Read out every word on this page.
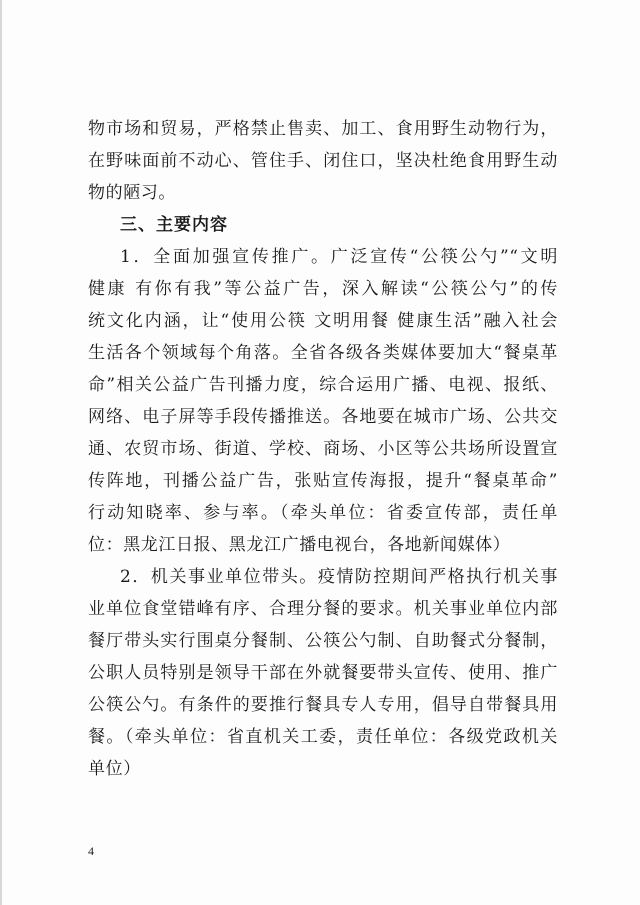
物市场和贸易，严格禁止售卖、加工、食用野生动物行为，
在野味面前不动心、管住手、闭住口，坚决杜绝食用野生动
物的陋习。
三、主要内容
1．全面加强宣传推广。广泛宣传“公筷公勺”“文明
健康 有你有我”等公益广告，深入解读“公筷公勺”的传
统文化内涵，让“使用公筷 文明用餐 健康生活”融入社会
生活各个领域每个角落。全省各级各类媒体要加大“餐桌革
命”相关公益广告刊播力度，综合运用广播、电视、报纸、
网络、电子屏等手段传播推送。各地要在城市广场、公共交
通、农贸市场、街道、学校、商场、小区等公共场所设置宣
传阵地，刊播公益广告，张贴宣传海报，提升“餐桌革命”
行动知晓率、参与率。（牵头单位：省委宣传部，责任单
位：黑龙江日报、黑龙江广播电视台，各地新闻媒体）
2．机关事业单位带头。疫情防控期间严格执行机关事
业单位食堂错峰有序、合理分餐的要求。机关事业单位内部
餐厅带头实行围桌分餐制、公筷公勺制、自助餐式分餐制，
公职人员特别是领导干部在外就餐要带头宣传、使用、推广
公筷公勺。有条件的要推行餐具专人专用，倡导自带餐具用
餐。（牵头单位：省直机关工委，责任单位：各级党政机关
单位）
4
